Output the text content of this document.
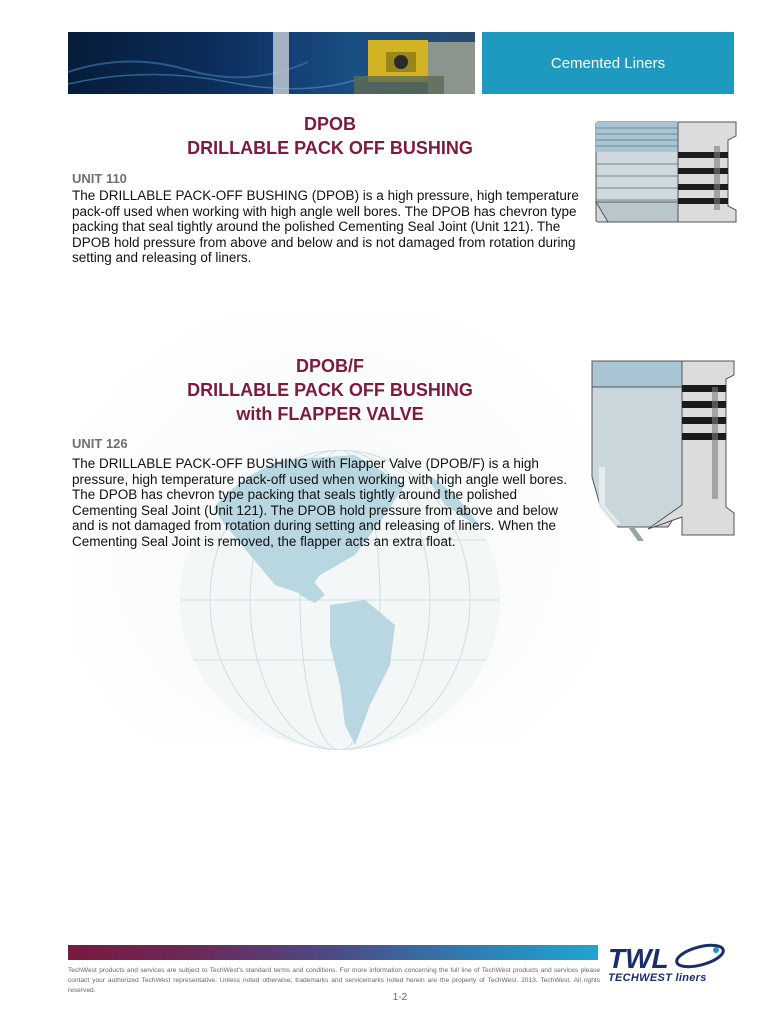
Cemented Liners
DPOB
DRILLABLE PACK OFF BUSHING
UNIT 110
The DRILLABLE PACK-OFF BUSHING (DPOB) is a high pressure, high temperature pack-off used when working with high angle well bores. The DPOB has chevron type packing that seal tightly around the polished Cementing Seal Joint (Unit 121). The DPOB hold pressure from above and below and is not damaged from rotation during setting and releasing of liners.
DPOB/F
DRILLABLE PACK OFF BUSHING
with FLAPPER VALVE
UNIT 126
The DRILLABLE PACK-OFF BUSHING with Flapper Valve (DPOB/F) is a high pressure, high temperature pack-off used when working with high angle well bores. The DPOB has chevron type packing that seals tightly around the polished Cementing Seal Joint (Unit 121). The DPOB hold pressure from above and below and is not damaged from rotation during setting and releasing of liners. When the Cementing Seal Joint is removed, the flapper acts an extra float.
TechWest products and services are subject to TechWest's standard terms and conditions. For more information concerning the full line of TechWest products and services please contact your authorized TechWest representative. Unless noted otherwise, trademarks and servicemarks noted herein are the property of TechWest. 2013. TechWest. All rights reserved.
1-2
TWL
TECHWEST liners
